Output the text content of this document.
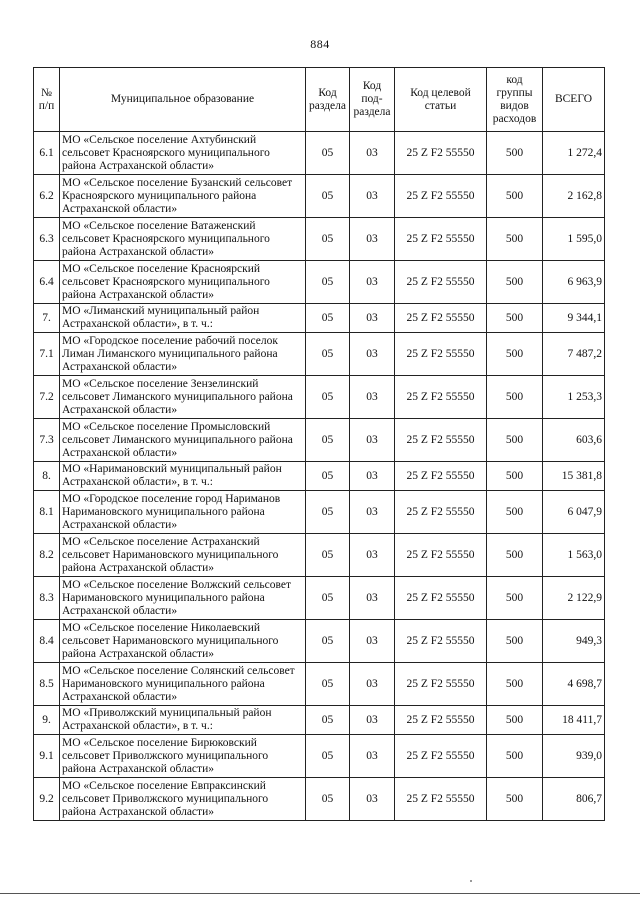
884
№ п/п	Муниципальное образование	Код раздела	Код под-раздела	Код целевой статьи	код группы видов расходов	ВСЕГО
6.1	МО «Сельское поселение Ахтубинский сельсовет Красноярского муниципального района Астраханской области»	05	03	25 Z F2 55550	500	1 272,4
6.2	МО «Сельское поселение Бузанский сельсовет Красноярского муниципального района Астраханской области»	05	03	25 Z F2 55550	500	2 162,8
6.3	МО «Сельское поселение Ватаженский сельсовет Красноярского муниципального района Астраханской области»	05	03	25 Z F2 55550	500	1 595,0
6.4	МО «Сельское поселение Красноярский сельсовет Красноярского муниципального района Астраханской области»	05	03	25 Z F2 55550	500	6 963,9
7.	МО «Лиманский муниципальный район Астраханской области», в т. ч.:	05	03	25 Z F2 55550	500	9 344,1
7.1	МО «Городское поселение рабочий поселок Лиман Лиманского муниципального района Астраханской области»	05	03	25 Z F2 55550	500	7 487,2
7.2	МО «Сельское поселение Зензелинский сельсовет Лиманского муниципального района Астраханской области»	05	03	25 Z F2 55550	500	1 253,3
7.3	МО «Сельское поселение Промысловский сельсовет Лиманского муниципального района Астраханской области»	05	03	25 Z F2 55550	500	603,6
8.	МО «Наримановский муниципальный район Астраханской области», в т. ч.:	05	03	25 Z F2 55550	500	15 381,8
8.1	МО «Городское поселение город Нариманов Наримановского муниципального района Астраханской области»	05	03	25 Z F2 55550	500	6 047,9
8.2	МО «Сельское поселение Астраханский сельсовет Наримановского муниципального района Астраханской области»	05	03	25 Z F2 55550	500	1 563,0
8.3	МО «Сельское поселение Волжский сельсовет Наримановского муниципального района Астраханской области»	05	03	25 Z F2 55550	500	2 122,9
8.4	МО «Сельское поселение Николаевский сельсовет Наримановского муниципального района Астраханской области»	05	03	25 Z F2 55550	500	949,3
8.5	МО «Сельское поселение Солянский сельсовет Наримановского муниципального района Астраханской области»	05	03	25 Z F2 55550	500	4 698,7
9.	МО «Приволжский муниципальный район Астраханской области», в т. ч.:	05	03	25 Z F2 55550	500	18 411,7
9.1	МО «Сельское поселение Бирюковский сельсовет Приволжского муниципального района Астраханской области»	05	03	25 Z F2 55550	500	939,0
9.2	МО «Сельское поселение Евпраксинский сельсовет Приволжского муниципального района Астраханской области»	05	03	25 Z F2 55550	500	806,7
